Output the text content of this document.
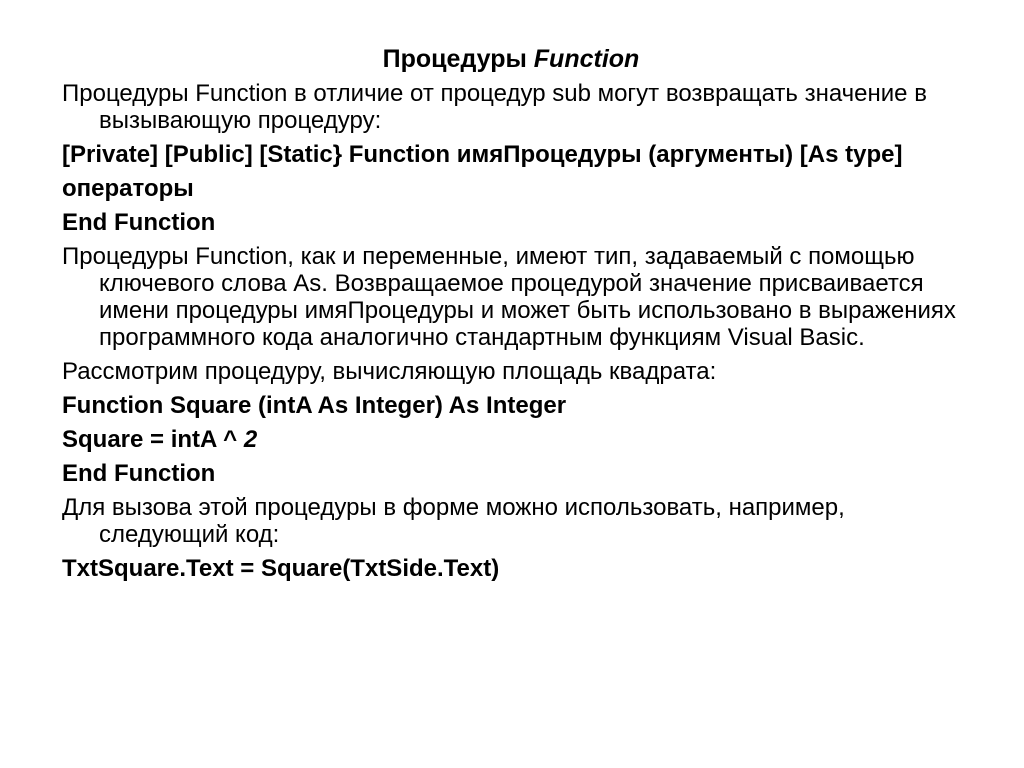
Процедуры Function
Процедуры Function в отличие от процедур sub могут возвращать значение в вызывающую процедуру:
[Private] [Public] [Static} Function имяПроцедуры (аргументы) [As type]
операторы
End Function
Процедуры Function, как и переменные, имеют тип, задаваемый с помощью ключевого слова As. Возвращаемое процедурой значение присваивается имени процедуры имяПроцедуры и может быть использовано в выражениях программного кода аналогично стандартным функциям Visual Basic.
Рассмотрим процедуру, вычисляющую площадь квадрата:
Function Square (intA As Integer) As Integer
Square = intA ^ 2
End Function
Для вызова этой процедуры в форме можно использовать, например, следующий код:
TxtSquare.Text = Square(TxtSide.Text)
